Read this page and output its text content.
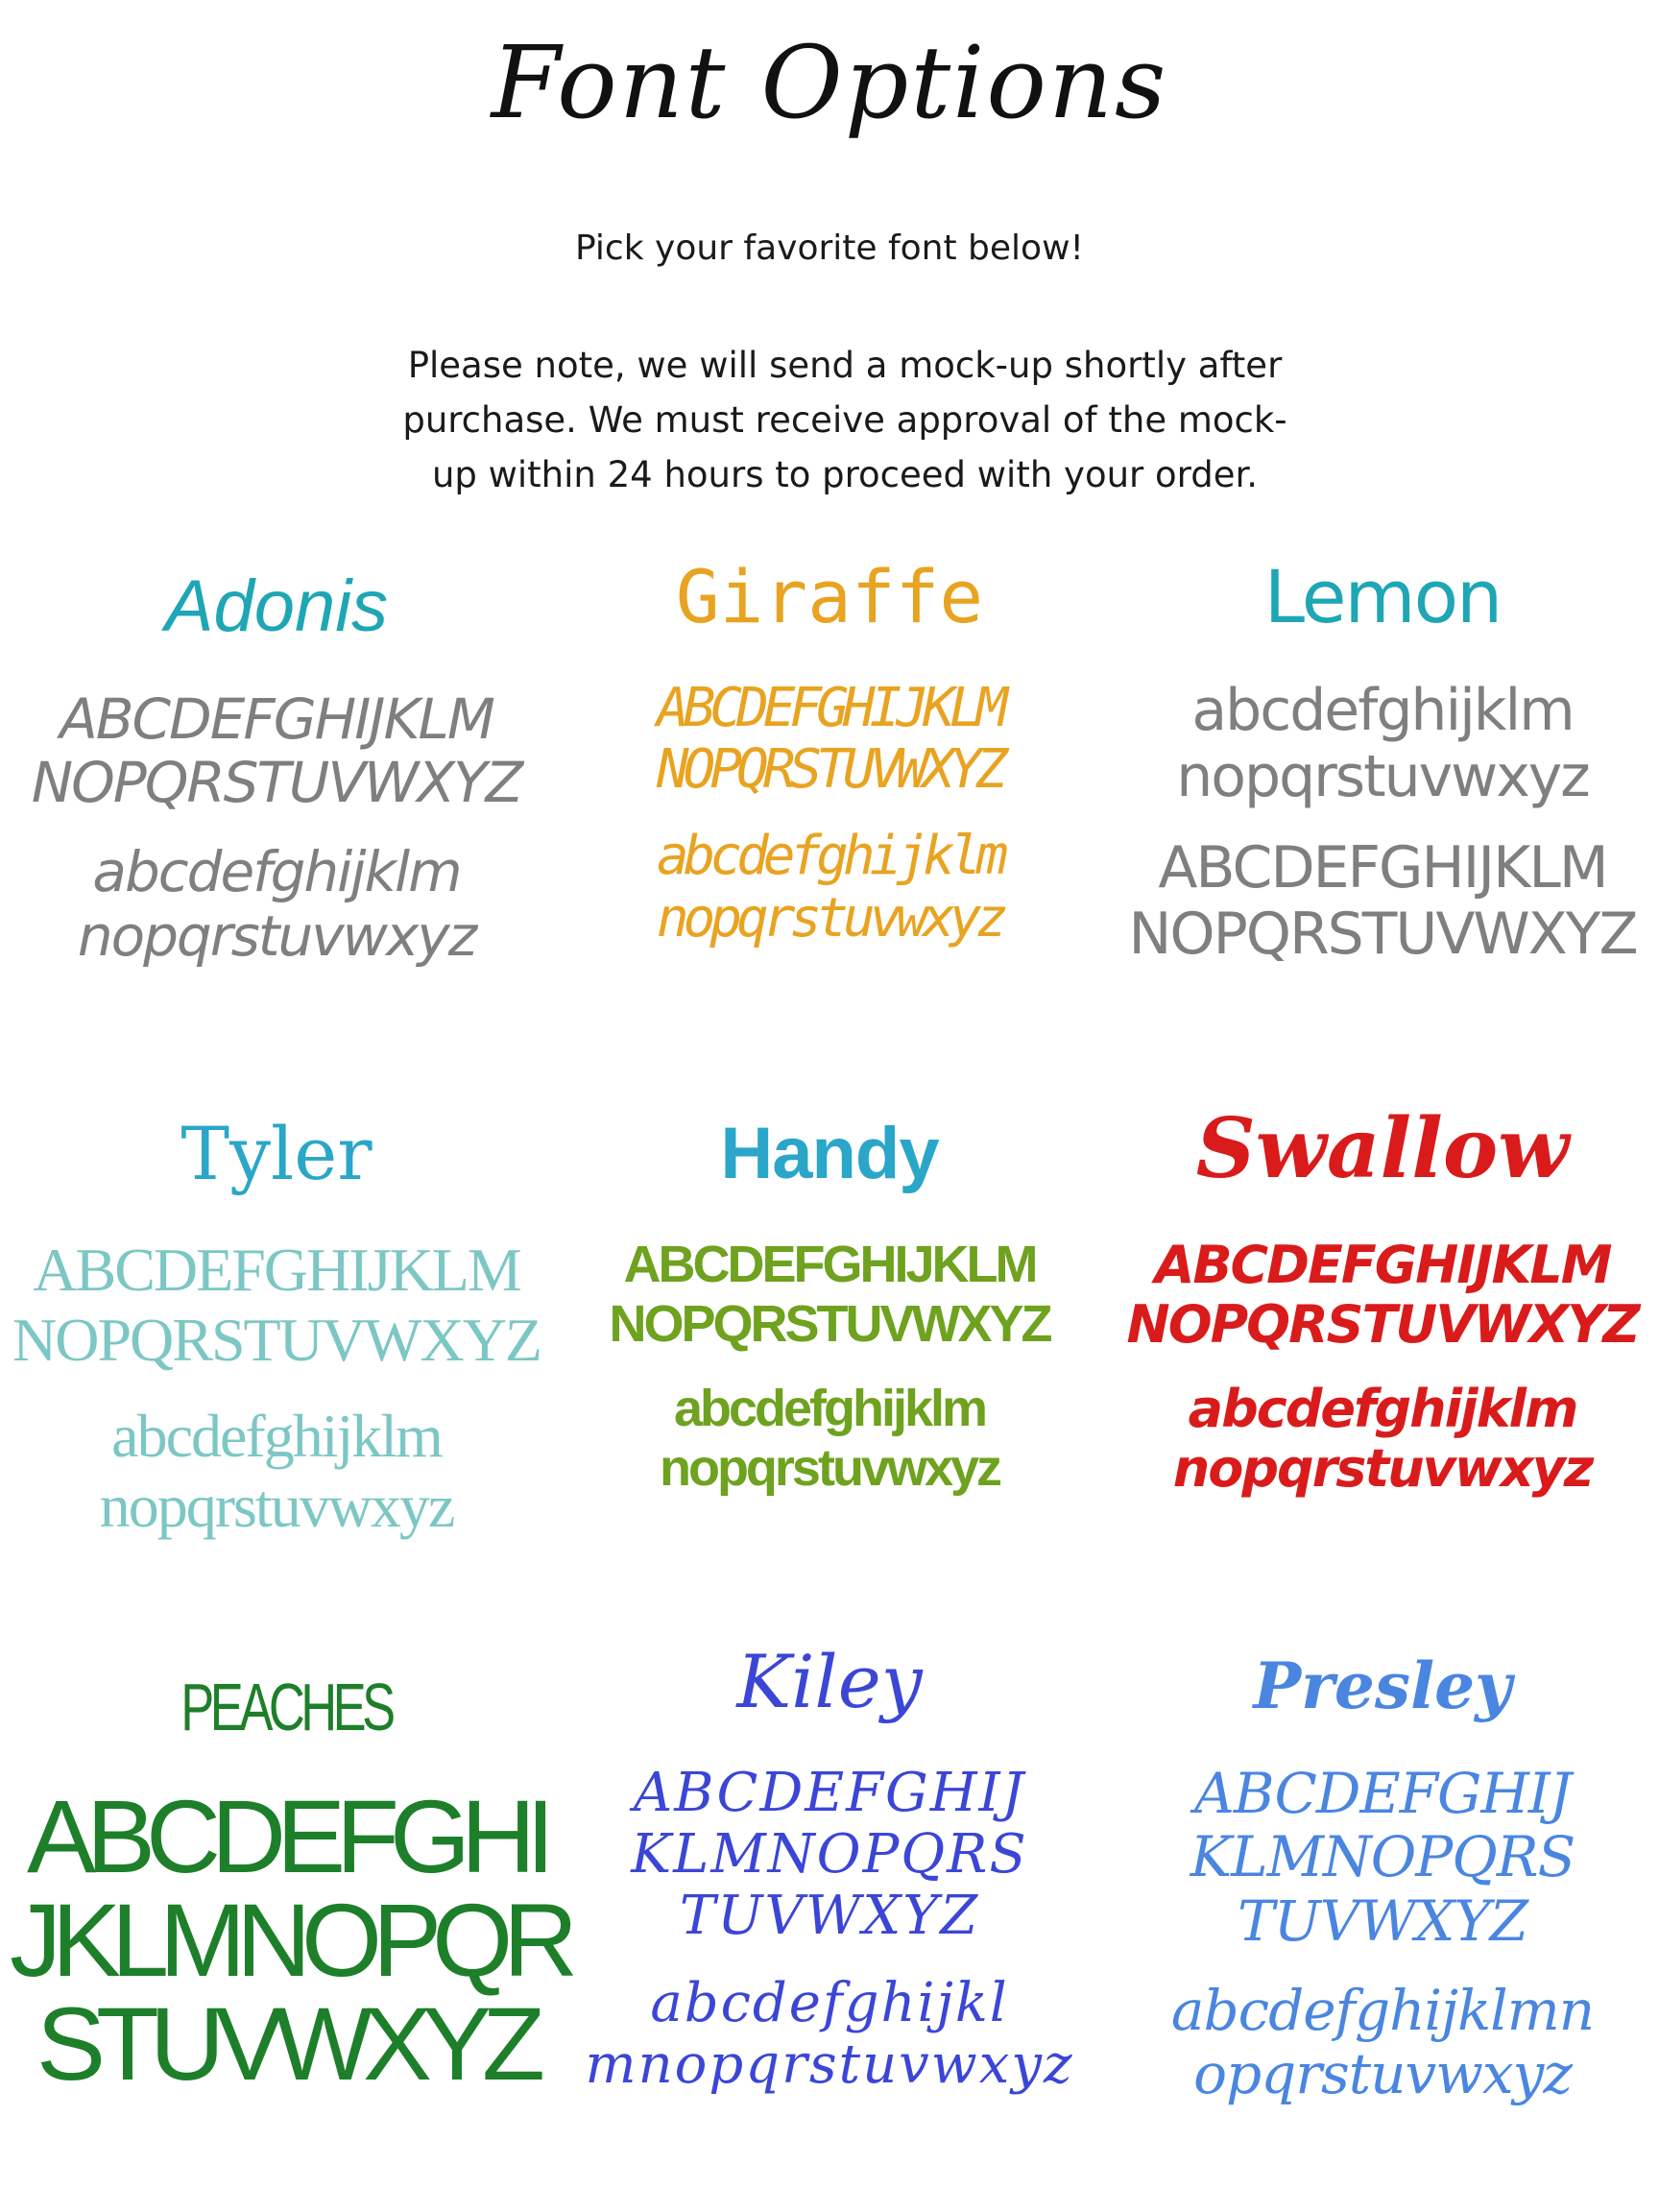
Font Options
Pick your favorite font below!
Please note, we will send a mock-up shortly after
purchase. We must receive approval of the mock-
up within 24 hours to proceed with your order.
Adonis
ABCDEFGHIJKLM
NOPQRSTUVWXYZ
abcdefghijklm
nopqrstuvwxyz
Giraffe
ABCDEFGHIJKLM
NOPQRSTUVWXYZ
abcdefghijklm
nopqrstuvwxyz
Lemon
abcdefghijklm
nopqrstuvwxyz
ABCDEFGHIJKLM
NOPQRSTUVWXYZ
Tyler
ABCDEFGHIJKLM
NOPQRSTUVWXYZ
abcdefghijklm
nopqrstuvwxyz
Handy
ABCDEFGHIJKLM
NOPQRSTUVWXYZ
abcdefghijklm
nopqrstuvwxyz
Swallow
ABCDEFGHIJKLM
NOPQRSTUVWXYZ
abcdefghijklm
nopqrstuvwxyz
PEACHES
ABCDEFGHI
JKLMNOPQR
STUVWXYZ
Kiley
ABCDEFGHIJ
KLMNOPQRS
TUVWXYZ
abcdefghijkl
mnopqrstuvwxyz
Presley
ABCDEFGHIJ
KLMNOPQRS
TUVWXYZ
abcdefghijklmn
opqrstuvwxyz
